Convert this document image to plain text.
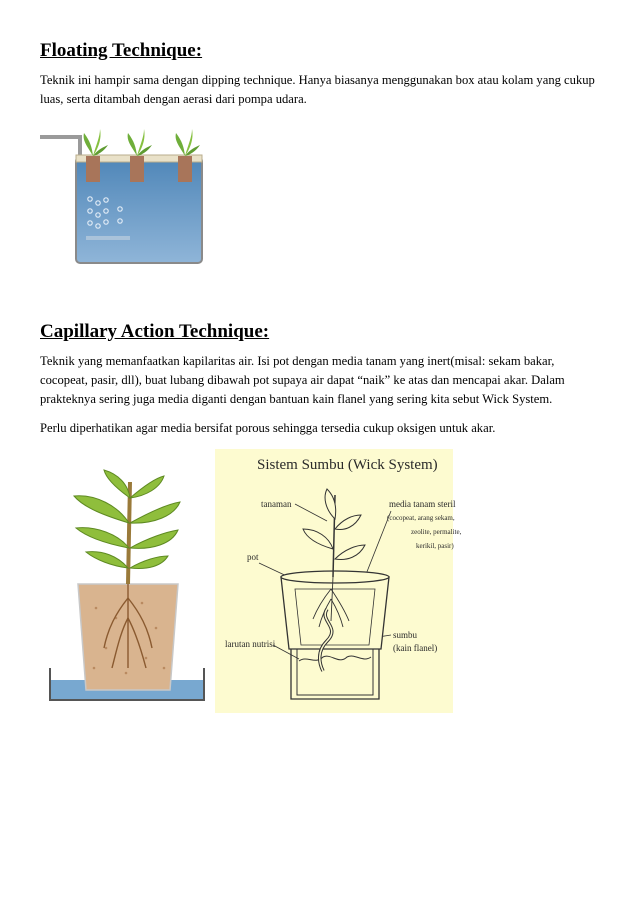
Floating Technique:

Teknik ini hampir sama dengan dipping technique. Hanya biasanya menggunakan box atau kolam yang cukup luas, serta ditambah dengan aerasi dari pompa udara.

Capillary Action Technique:

Teknik yang memanfaatkan kapilaritas air. Isi pot dengan media tanam yang inert(misal: sekam bakar, cocopeat, pasir, dll), buat lubang dibawah pot supaya air dapat “naik” ke atas dan mencapai akar. Dalam prakteknya sering juga media diganti dengan bantuan kain flanel yang sering kita sebut Wick System.

Perlu diperhatikan agar media bersifat porous sehingga tersedia cukup oksigen untuk akar.

Sistem Sumbu (Wick System)
tanaman	media tanam steril
(cocopeat, arang sekam,
zeolite, permalite,
kerikil, pasir)
pot
larutan nutrisi
sumbu
(kain flanel)
